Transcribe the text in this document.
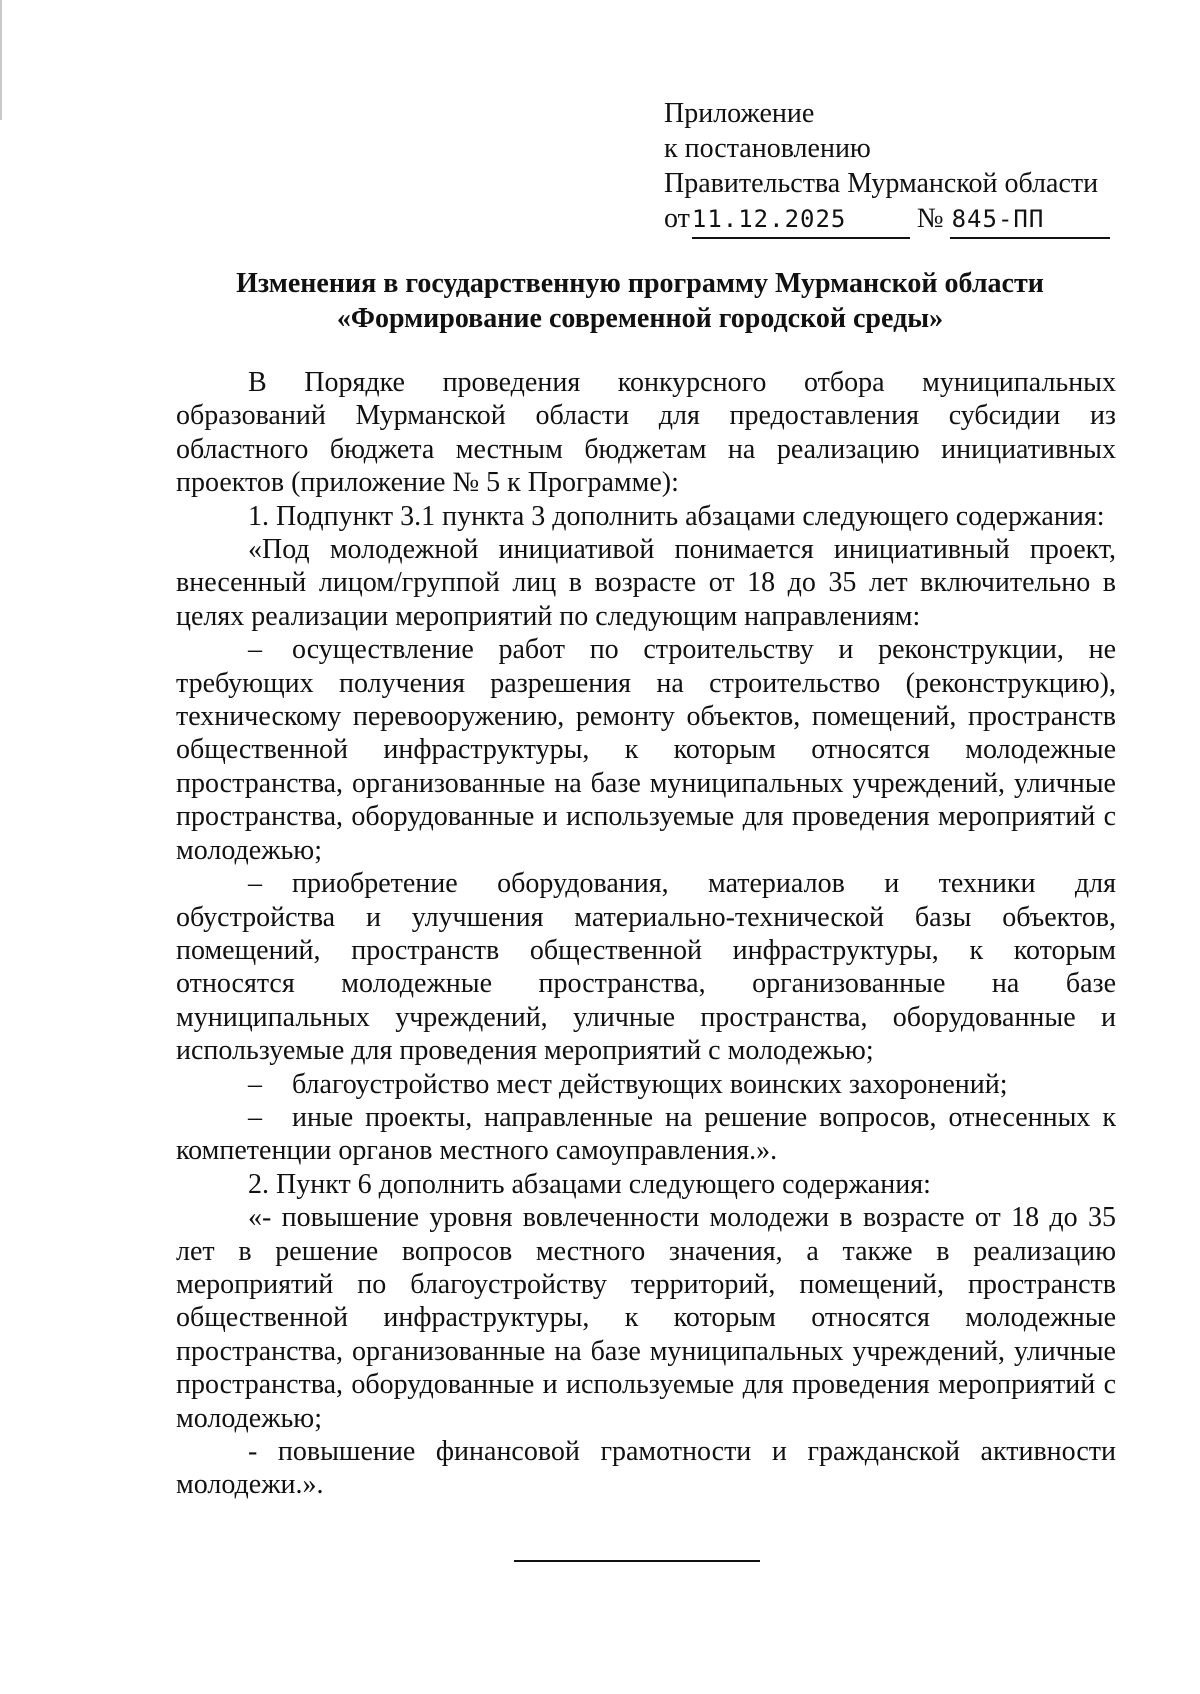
Приложение
к постановлению
Правительства Мурманской области
от11.12.2025	№ 845-ПП
Изменения в государственную программу Мурманской области
«Формирование современной городской среды»

В Порядке проведения конкурсного отбора муниципальных образований Мурманской области для предоставления субсидии из областного бюджета местным бюджетам на реализацию инициативных проектов (приложение № 5 к Программе):

1. Подпункт 3.1 пункта 3 дополнить абзацами следующего содержания:

«Под молодежной инициативой понимается инициативный проект, внесенный лицом/группой лиц в возрасте от 18 до 35 лет включительно в целях реализации мероприятий по следующим направлениям:

– осуществление работ по строительству и реконструкции, не требующих получения разрешения на строительство (реконструкцию), техническому перевооружению, ремонту объектов, помещений, пространств общественной инфраструктуры, к которым относятся молодежные пространства, организованные на базе муниципальных учреждений, уличные пространства, оборудованные и используемые для проведения мероприятий с молодежью;

– приобретение оборудования, материалов и техники для обустройства и улучшения материально-технической базы объектов, помещений, пространств общественной инфраструктуры, к которым относятся молодежные пространства, организованные на базе муниципальных учреждений, уличные пространства, оборудованные и используемые для проведения мероприятий с молодежью;

– благоустройство мест действующих воинских захоронений;

– иные проекты, направленные на решение вопросов, отнесенных к компетенции органов местного самоуправления.».

2. Пункт 6 дополнить абзацами следующего содержания:

«- повышение уровня вовлеченности молодежи в возрасте от 18 до 35 лет в решение вопросов местного значения, а также в реализацию мероприятий по благоустройству территорий, помещений, пространств общественной инфраструктуры, к которым относятся молодежные пространства, организованные на базе муниципальных учреждений, уличные пространства, оборудованные и используемые для проведения мероприятий с молодежью;

- повышение финансовой грамотности и гражданской активности молодежи.».
